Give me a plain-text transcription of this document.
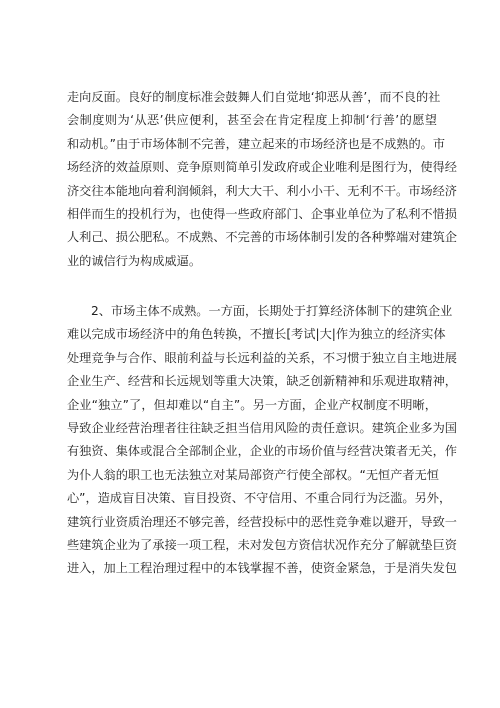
走向反面。良好的制度标准会鼓舞人们自觉地‘抑恶从善’，而不良的社
会制度则为‘从恶’供应便利，甚至会在肯定程度上抑制‘行善’的愿望
和动机。”由于市场体制不完善，建立起来的市场经济也是不成熟的。市
场经济的效益原则、竞争原则简单引发政府或企业唯利是图行为，使得经
济交往本能地向着利润倾斜，利大大干、利小小干、无利不干。市场经济
相伴而生的投机行为，也使得一些政府部门、企事业单位为了私利不惜损
人利己、损公肥私。不成熟、不完善的市场体制引发的各种弊端对建筑企
业的诚信行为构成威逼。
2、市场主体不成熟。一方面，长期处于打算经济体制下的建筑企业
难以完成市场经济中的角色转换，不擅长[考试|大|作为独立的经济实体
处理竞争与合作、眼前利益与长远利益的关系，不习惯于独立自主地进展
企业生产、经营和长远规划等重大决策，缺乏创新精神和乐观进取精神，
企业“独立”了，但却难以“自主”。另一方面，企业产权制度不明晰，
导致企业经营治理者往往缺乏担当信用风险的责任意识。建筑企业多为国
有独资、集体或混合全部制企业，企业的市场价值与经营决策者无关，作
为仆人翁的职工也无法独立对某局部资产行使全部权。“无恒产者无恒
心”，造成盲目决策、盲目投资、不守信用、不重合同行为泛滥。另外，
建筑行业资质治理还不够完善，经营投标中的恶性竞争难以避开，导致一
些建筑企业为了承接一项工程，未对发包方资信状况作充分了解就垫巨资
进入，加上工程治理过程中的本钱掌握不善，使资金紧急，于是消失发包
